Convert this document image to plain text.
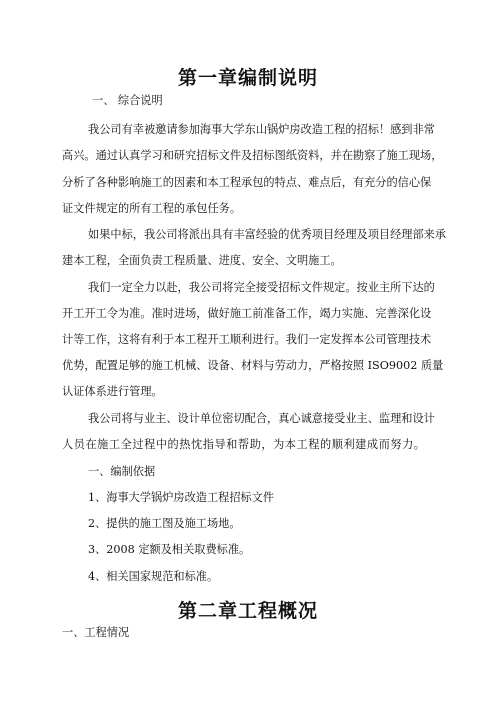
第一章编制说明
一、 综合说明
我公司有幸被邀请参加海事大学东山锅炉房改造工程的招标！感到非常
高兴。通过认真学习和研究招标文件及招标图纸资料，并在勘察了施工现场，
分析了各种影响施工的因素和本工程承包的特点、难点后，有充分的信心保
证文件规定的所有工程的承包任务。
如果中标，我公司将派出具有丰富经验的优秀项目经理及项目经理部来承
建本工程，全面负责工程质量、进度、安全、文明施工。
我们一定全力以赴，我公司将完全接受招标文件规定。按业主所下达的
开工开工令为准。准时进场，做好施工前准备工作，竭力实施、完善深化设
计等工作，这将有利于本工程开工顺利进行。我们一定发挥本公司管理技术
优势，配置足够的施工机械、设备、材料与劳动力，严格按照 ISO9002 质量
认证体系进行管理。
我公司将与业主、设计单位密切配合，真心诚意接受业主、监理和设计
人员在施工全过程中的热忱指导和帮助，为本工程的顺利建成而努力。
一、编制依据
1、海事大学锅炉房改造工程招标文件
2、提供的施工图及施工场地。
3、2008 定额及相关取费标准。
4、相关国家规范和标准。
第二章工程概况
一、工程情况
